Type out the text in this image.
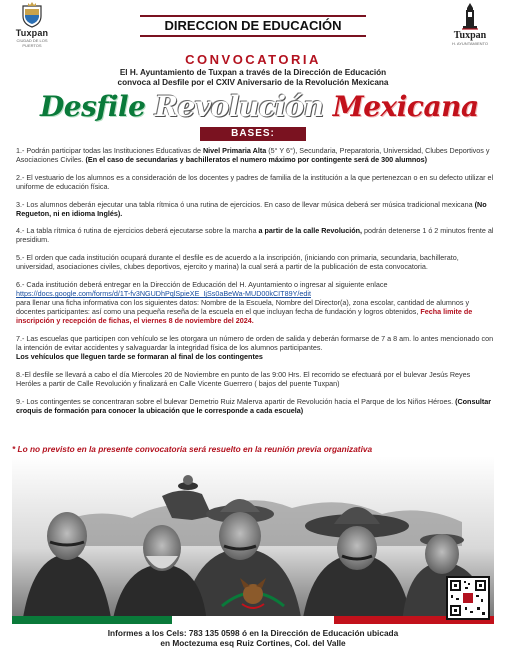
Tuxpan
CIUDAD DE LOS PUERTOS
DIRECCION DE EDUCACIÓN
Tuxpan
H. AYUNTAMIENTO
CONVOCATORIA
El H. Ayuntamiento de Tuxpan a través de la Dirección de Educación
convoca al Desfile por el CXIV Aniversario de la Revolución Mexicana
Desfile Revolución Mexicana
BASES:
1.- Podrán participar todas las Instituciones Educativas de Nivel Primaria Alta (5° Y 6°), Secundaria, Preparatoria, Universidad, Clubes Deportivos y Asociaciones Civiles. (En el caso de secundarias y bachilleratos el numero máximo por contingente será de 300 alumnos)
2.- El vestuario de los alumnos es a consideración de los docentes y padres de familia de la institución a la que pertenezcan o en su defecto utilizar el uniforme de educación física.
3.- Los alumnos deberán ejecutar una tabla rítmica ó una rutina de ejercicios. En caso de llevar música deberá ser música tradicional mexicana (No Regueton, ni en idioma Inglés).
4.- La tabla rítmica ó rutina de ejercicios deberá ejecutarse sobre la marcha a partir de la calle Revolución, podrán detenerse 1 ó 2 minutos frente al presidium.
5.- El orden que cada institución ocupará durante el desfile es de acuerdo a la inscripción, (iniciando con primaria, secundaria, bachillerato, universidad, asociaciones civiles, clubes deportivos, ejercito y marina) la cual será a partir de la publicación de esta convocatoria.
6.- Cada institución deberá entregar en la Dirección de Educación del H. Ayuntamiento o ingresar al siguiente enlace
https://docs.google.com/forms/d/1T-fv3NGUDhPqlSpieXE_IjSs0aBeWa-MUD00kCIT89Y/edit
para llenar una ficha informativa con los siguientes datos: Nombre de la Escuela, Nombre del Director(a), zona escolar, cantidad de alumnos y docentes participantes: así como una pequeña reseña de la escuela en el que incluyan fecha de fundación y logros obtenidos, Fecha limite de inscripción y recepción de fichas, el viernes 8 de noviembre del 2024.
7.- Las escuelas que participen con vehículo se les otorgara un número de orden de salida y deberán formarse de 7 a 8 am. lo antes mencionado con la intención de evitar accidentes y salvaguardar la integridad física de los alumnos participantes.
Los vehículos que lleguen tarde se formaran al final de los contingentes
8.-El desfile se llevará a cabo el día Miercoles 20 de Noviembre en punto de las 9:00 Hrs. El recorrido se efectuará por el bulevar Jesús Reyes Heróles a partir de Calle Revolución y finalizará en Calle Vicente Guerrero ( bajos del puente Tuxpan)
9.- Los contingentes se concentraran sobre el bulevar Demetrio Ruiz Malerva apartir de Revolución hacia el Parque de los Niños Héroes. (Consultar croquis de formación para conocer la ubicación que le corresponde a cada escuela)
* Lo no previsto en la presente convocatoria será resuelto en la reunión previa organizativa
Informes a los Cels: 783 135 0598 ó en la Dirección de Educación ubicada
en Moctezuma esq Ruiz Cortines, Col. del Valle
